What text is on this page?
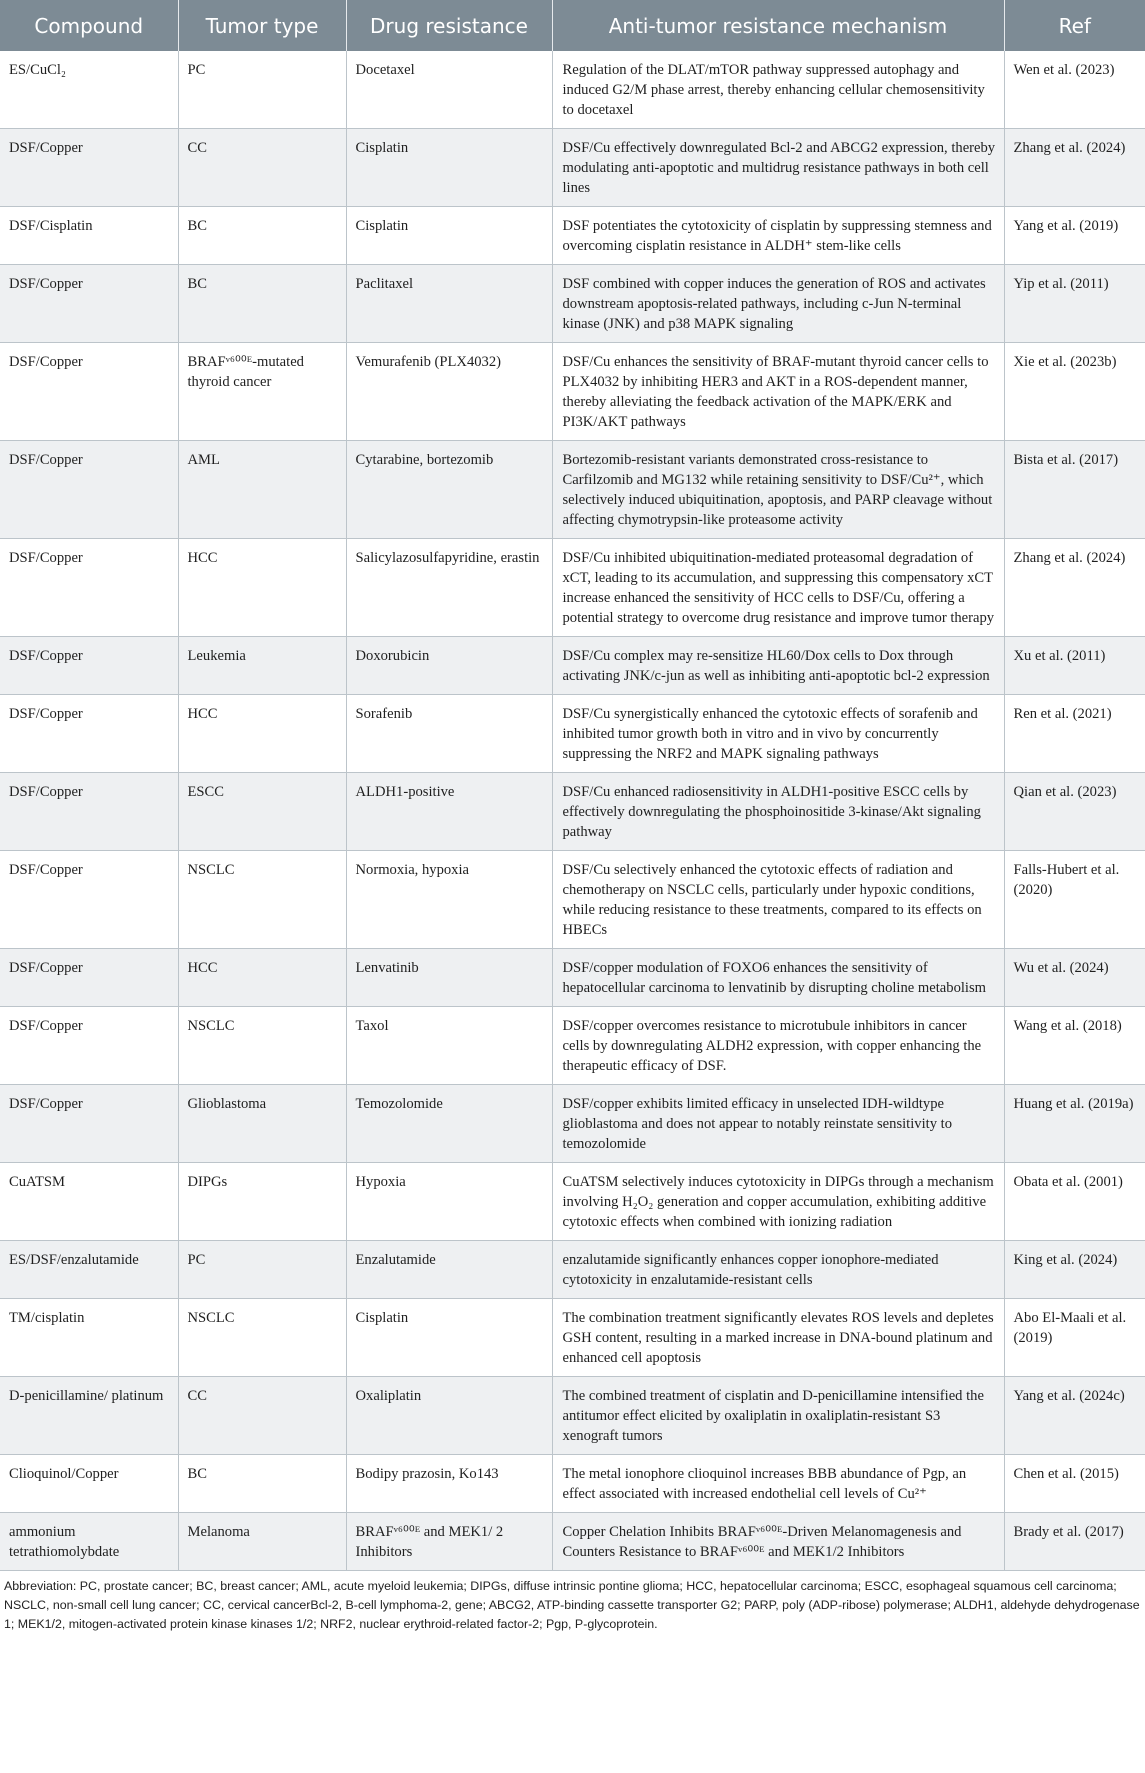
Compound	Tumor type	Drug resistance	Anti-tumor resistance mechanism	Ref
ES/CuCl₂	PC	Docetaxel	Regulation of the DLAT/mTOR pathway suppressed autophagy and induced G2/M phase arrest, thereby enhancing cellular chemosensitivity to docetaxel	Wen et al. (2023)
DSF/Copper	CC	Cisplatin	DSF/Cu effectively downregulated Bcl-2 and ABCG2 expression, thereby modulating anti-apoptotic and multidrug resistance pathways in both cell lines	Zhang et al. (2024)
DSF/Cisplatin	BC	Cisplatin	DSF potentiates the cytotoxicity of cisplatin by suppressing stemness and overcoming cisplatin resistance in ALDH⁺ stem-like cells	Yang et al. (2019)
DSF/Copper	BC	Paclitaxel	DSF combined with copper induces the generation of ROS and activates downstream apoptosis-related pathways, including c-Jun N-terminal kinase (JNK) and p38 MAPK signaling	Yip et al. (2011)
DSF/Copper	BRAFᵛ⁶⁰⁰ᴱ-mutated thyroid cancer	Vemurafenib (PLX4032)	DSF/Cu enhances the sensitivity of BRAF-mutant thyroid cancer cells to PLX4032 by inhibiting HER3 and AKT in a ROS-dependent manner, thereby alleviating the feedback activation of the MAPK/ERK and PI3K/AKT pathways	Xie et al. (2023b)
DSF/Copper	AML	Cytarabine, bortezomib	Bortezomib-resistant variants demonstrated cross-resistance to Carfilzomib and MG132 while retaining sensitivity to DSF/Cu²⁺, which selectively induced ubiquitination, apoptosis, and PARP cleavage without affecting chymotrypsin-like proteasome activity	Bista et al. (2017)
DSF/Copper	HCC	Salicylazosulfapyridine, erastin	DSF/Cu inhibited ubiquitination-mediated proteasomal degradation of xCT, leading to its accumulation, and suppressing this compensatory xCT increase enhanced the sensitivity of HCC cells to DSF/Cu, offering a potential strategy to overcome drug resistance and improve tumor therapy	Zhang et al. (2024)
DSF/Copper	Leukemia	Doxorubicin	DSF/Cu complex may re-sensitize HL60/Dox cells to Dox through activating JNK/c-jun as well as inhibiting anti-apoptotic bcl-2 expression	Xu et al. (2011)
DSF/Copper	HCC	Sorafenib	DSF/Cu synergistically enhanced the cytotoxic effects of sorafenib and inhibited tumor growth both in vitro and in vivo by concurrently suppressing the NRF2 and MAPK signaling pathways	Ren et al. (2021)
DSF/Copper	ESCC	ALDH1-positive	DSF/Cu enhanced radiosensitivity in ALDH1-positive ESCC cells by effectively downregulating the phosphoinositide 3-kinase/Akt signaling pathway	Qian et al. (2023)
DSF/Copper	NSCLC	Normoxia, hypoxia	DSF/Cu selectively enhanced the cytotoxic effects of radiation and chemotherapy on NSCLC cells, particularly under hypoxic conditions, while reducing resistance to these treatments, compared to its effects on HBECs	Falls-Hubert et al. (2020)
DSF/Copper	HCC	Lenvatinib	DSF/copper modulation of FOXO6 enhances the sensitivity of hepatocellular carcinoma to lenvatinib by disrupting choline metabolism	Wu et al. (2024)
DSF/Copper	NSCLC	Taxol	DSF/copper overcomes resistance to microtubule inhibitors in cancer cells by downregulating ALDH2 expression, with copper enhancing the therapeutic efficacy of DSF.	Wang et al. (2018)
DSF/Copper	Glioblastoma	Temozolomide	DSF/copper exhibits limited efficacy in unselected IDH-wildtype glioblastoma and does not appear to notably reinstate sensitivity to temozolomide	Huang et al. (2019a)
CuATSM	DIPGs	Hypoxia	CuATSM selectively induces cytotoxicity in DIPGs through a mechanism involving H₂O₂ generation and copper accumulation, exhibiting additive cytotoxic effects when combined with ionizing radiation	Obata et al. (2001)
ES/DSF/enzalutamide	PC	Enzalutamide	enzalutamide significantly enhances copper ionophore-mediated cytotoxicity in enzalutamide-resistant cells	King et al. (2024)
TM/cisplatin	NSCLC	Cisplatin	The combination treatment significantly elevates ROS levels and depletes GSH content, resulting in a marked increase in DNA-bound platinum and enhanced cell apoptosis	Abo El-Maali et al. (2019)
D-penicillamine/ platinum	CC	Oxaliplatin	The combined treatment of cisplatin and D-penicillamine intensified the antitumor effect elicited by oxaliplatin in oxaliplatin-resistant S3 xenograft tumors	Yang et al. (2024c)
Clioquinol/Copper	BC	Bodipy prazosin, Ko143	The metal ionophore clioquinol increases BBB abundance of Pgp, an effect associated with increased endothelial cell levels of Cu²⁺	Chen et al. (2015)
ammonium tetrathiomolybdate	Melanoma	BRAFᵛ⁶⁰⁰ᴱ and MEK1/ 2 Inhibitors	Copper Chelation Inhibits BRAFᵛ⁶⁰⁰ᴱ-Driven Melanomagenesis and Counters Resistance to BRAFᵛ⁶⁰⁰ᴱ and MEK1/2 Inhibitors	Brady et al. (2017)
Abbreviation: PC, prostate cancer; BC, breast cancer; AML, acute myeloid leukemia; DIPGs, diffuse intrinsic pontine glioma; HCC, hepatocellular carcinoma; ESCC, esophageal squamous cell carcinoma; NSCLC, non-small cell lung cancer; CC, cervical cancerBcl-2, B-cell lymphoma-2, gene; ABCG2, ATP-binding cassette transporter G2; PARP, poly (ADP-ribose) polymerase; ALDH1, aldehyde dehydrogenase 1; MEK1/2, mitogen-activated protein kinase kinases 1/2; NRF2, nuclear erythroid-related factor-2; Pgp, P-glycoprotein.
